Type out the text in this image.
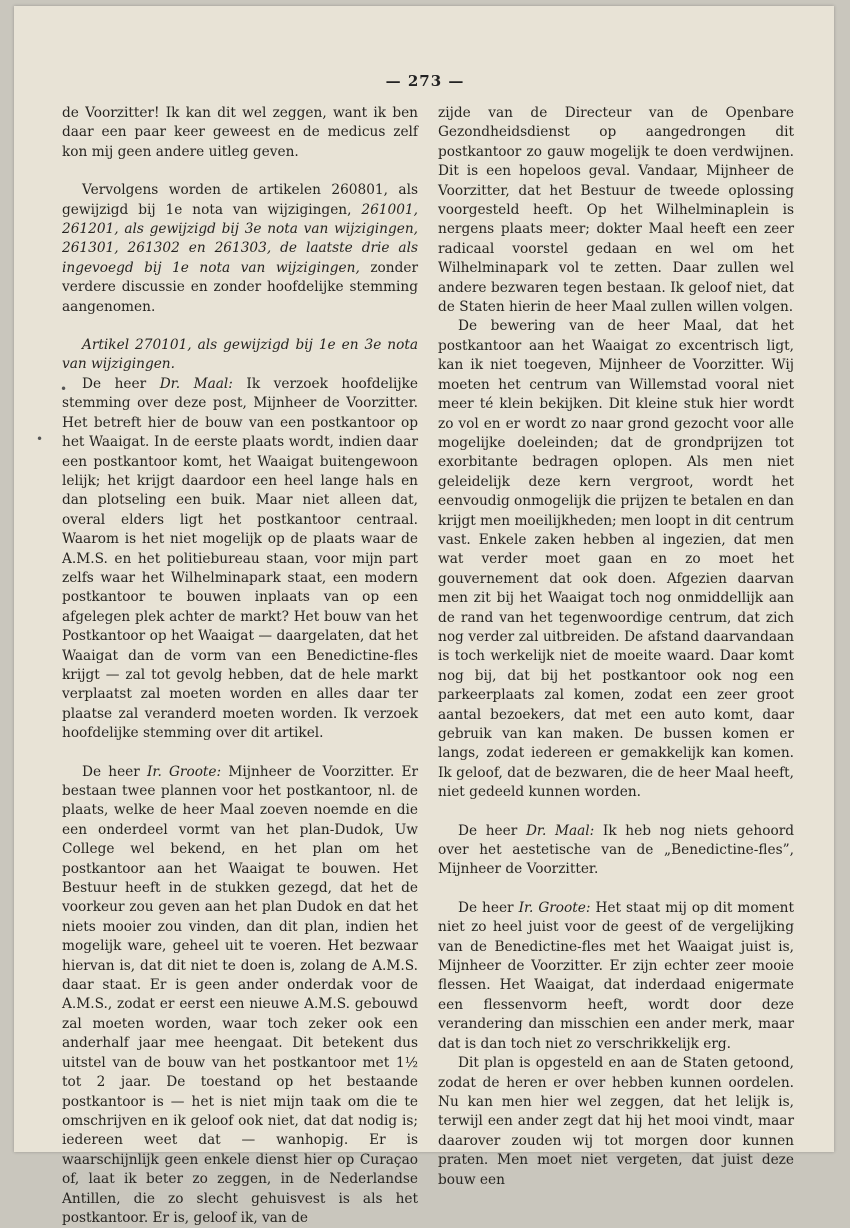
— 273 —
•
•

de Voorzitter! Ik kan dit wel zeggen, want ik ben daar een paar keer geweest en de medicus zelf kon mij geen andere uitleg geven.

Vervolgens worden de artikelen 260801, als gewijzigd bij 1e nota van wijzigingen, 261001, 261201, als gewijzigd bij 3e nota van wijzigingen, 261301, 261302 en 261303, de laatste drie als ingevoegd bij 1e nota van wijzigingen, zonder verdere discussie en zonder hoofdelijke stemming aangenomen.

Artikel 270101, als gewijzigd bij 1e en 3e nota van wijzigingen.

De heer Dr. Maal: Ik verzoek hoofdelijke stemming over deze post, Mijnheer de Voorzitter. Het betreft hier de bouw van een postkantoor op het Waaigat. In de eerste plaats wordt, indien daar een postkantoor komt, het Waaigat buitengewoon lelijk; het krijgt daardoor een heel lange hals en dan plotseling een buik. Maar niet alleen dat, overal elders ligt het postkantoor centraal. Waarom is het niet mogelijk op de plaats waar de A.M.S. en het politiebureau staan, voor mijn part zelfs waar het Wilhelminapark staat, een modern postkantoor te bouwen inplaats van op een afgelegen plek achter de markt? Het bouw van het Postkantoor op het Waaigat — daargelaten, dat het Waaigat dan de vorm van een Benedictine-fles krijgt — zal tot gevolg hebben, dat de hele markt verplaatst zal moeten worden en alles daar ter plaatse zal veranderd moeten worden. Ik verzoek hoofdelijke stemming over dit artikel.

De heer Ir. Groote: Mijnheer de Voorzitter. Er bestaan twee plannen voor het postkantoor, nl. de plaats, welke de heer Maal zoeven noemde en die een onderdeel vormt van het plan-Dudok, Uw College wel bekend, en het plan om het postkantoor aan het Waaigat te bouwen. Het Bestuur heeft in de stukken gezegd, dat het de voorkeur zou geven aan het plan Dudok en dat het niets mooier zou vinden, dan dit plan, indien het mogelijk ware, geheel uit te voeren. Het bezwaar hiervan is, dat dit niet te doen is, zolang de A.M.S. daar staat. Er is geen ander onderdak voor de A.M.S., zodat er eerst een nieuwe A.M.S. gebouwd zal moeten worden, waar toch zeker ook een anderhalf jaar mee heengaat. Dit betekent dus uitstel van de bouw van het postkantoor met 1½ tot 2 jaar. De toestand op het bestaande postkantoor is — het is niet mijn taak om die te omschrijven en ik geloof ook niet, dat dat nodig is; iedereen weet dat — wanhopig. Er is waarschijnlijk geen enkele dienst hier op Curaçao of, laat ik beter zo zeggen, in de Nederlandse Antillen, die zo slecht gehuisvest is als het postkantoor. Er is, geloof ik, van de

zijde van de Directeur van de Openbare Gezondheidsdienst op aangedrongen dit postkantoor zo gauw mogelijk te doen verdwijnen. Dit is een hopeloos geval. Vandaar, Mijnheer de Voorzitter, dat het Bestuur de tweede oplossing voorgesteld heeft. Op het Wilhelminaplein is nergens plaats meer; dokter Maal heeft een zeer radicaal voorstel gedaan en wel om het Wilhelminapark vol te zetten. Daar zullen wel andere bezwaren tegen bestaan. Ik geloof niet, dat de Staten hierin de heer Maal zullen willen volgen.

De bewering van de heer Maal, dat het postkantoor aan het Waaigat zo excentrisch ligt, kan ik niet toegeven, Mijnheer de Voorzitter. Wij moeten het centrum van Willemstad vooral niet meer té klein bekijken. Dit kleine stuk hier wordt zo vol en er wordt zo naar grond gezocht voor alle mogelijke doeleinden; dat de grondprijzen tot exorbitante bedragen oplopen. Als men niet geleidelijk deze kern vergroot, wordt het eenvoudig onmogelijk die prijzen te betalen en dan krijgt men moeilijkheden; men loopt in dit centrum vast. Enkele zaken hebben al ingezien, dat men wat verder moet gaan en zo moet het gouvernement dat ook doen. Afgezien daarvan men zit bij het Waaigat toch nog onmiddellijk aan de rand van het tegenwoordige centrum, dat zich nog verder zal uitbreiden. De afstand daarvandaan is toch werkelijk niet de moeite waard. Daar komt nog bij, dat bij het postkantoor ook nog een parkeerplaats zal komen, zodat een zeer groot aantal bezoekers, dat met een auto komt, daar gebruik van kan maken. De bussen komen er langs, zodat iedereen er gemakkelijk kan komen. Ik geloof, dat de bezwaren, die de heer Maal heeft, niet gedeeld kunnen worden.

De heer Dr. Maal: Ik heb nog niets gehoord over het aestetische van de „Benedictine-fles”, Mijnheer de Voorzitter.

De heer Ir. Groote: Het staat mij op dit moment niet zo heel juist voor de geest of de vergelijking van de Benedictine-fles met het Waaigat juist is, Mijnheer de Voorzitter. Er zijn echter zeer mooie flessen. Het Waaigat, dat inderdaad enigermate een flessenvorm heeft, wordt door deze verandering dan misschien een ander merk, maar dat is dan toch niet zo verschrikkelijk erg.

Dit plan is opgesteld en aan de Staten getoond, zodat de heren er over hebben kunnen oordelen. Nu kan men hier wel zeggen, dat het lelijk is, terwijl een ander zegt dat hij het mooi vindt, maar daarover zouden wij tot morgen door kunnen praten. Men moet niet vergeten, dat juist deze bouw een
